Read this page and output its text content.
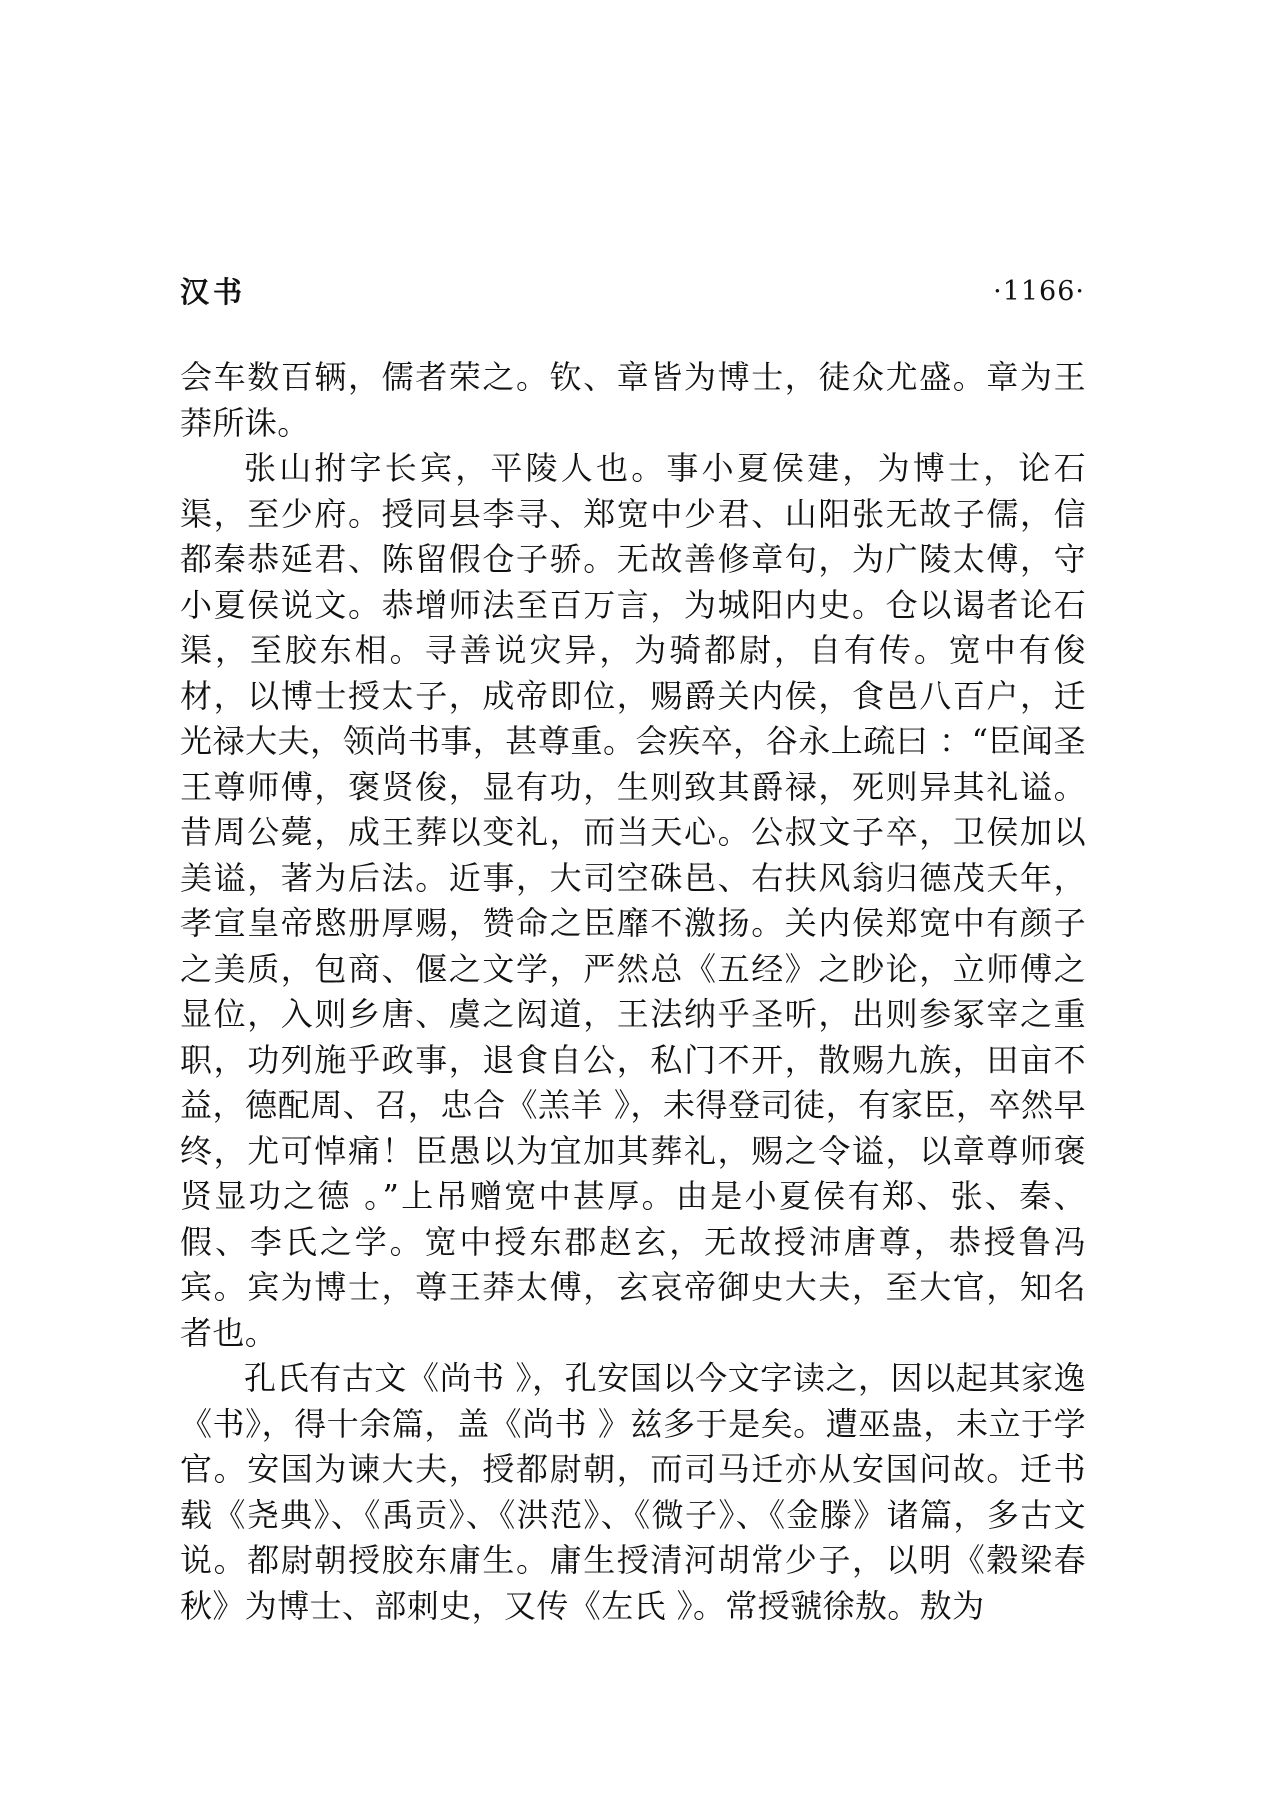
汉书	·1166·

会车数百辆，儒者荣之。钦、章皆为博士，徒众尤盛。章为王莽所诛。

张山拊字长宾，平陵人也。事小夏侯建，为博士，论石渠，至少府。授同县李寻、郑宽中少君、山阳张无故子儒，信都秦恭延君、陈留假仓子骄。无故善修章句，为广陵太傅，守小夏侯说文。恭增师法至百万言，为城阳内史。仓以谒者论石渠，至胶东相。寻善说灾异，为骑都尉，自有传。宽中有俊材，以博士授太子，成帝即位，赐爵关内侯，食邑八百户，迁光禄大夫，领尚书事，甚尊重。会疾卒，谷永上疏曰 ：“臣闻圣王尊师傅，褒贤俊，显有功，生则致其爵禄，死则异其礼谥。昔周公薨，成王葬以变礼，而当天心。公叔文子卒，卫侯加以美谥，著为后法。近事，大司空硃邑、右扶风翁归德茂夭年，孝宣皇帝愍册厚赐，赞命之臣靡不激扬。关内侯郑宽中有颜子之美质，包商、偃之文学，严然总《五经》之眇论，立师傅之显位，入则乡唐、虞之闳道，王法纳乎圣听，出则参冢宰之重职，功列施乎政事，退食自公，私门不开，散赐九族，田亩不益，德配周、召，忠合《羔羊 》，未得登司徒，有家臣，卒然早终，尤可悼痛！臣愚以为宜加其葬礼，赐之令谥，以章尊师褒贤显功之德 。”上吊赠宽中甚厚。由是小夏侯有郑、张、秦、假、李氏之学。宽中授东郡赵玄，无故授沛唐尊，恭授鲁冯宾。宾为博士，尊王莽太傅，玄哀帝御史大夫，至大官，知名者也。

孔氏有古文《尚书 》，孔安国以今文字读之，因以起其家逸《书》，得十余篇，盖《尚书 》兹多于是矣。遭巫蛊，未立于学官。安国为谏大夫，授都尉朝，而司马迁亦从安国问故。迁书载《尧典》、《禹贡》、《洪范》、《微子》、《金滕》诸篇，多古文说。都尉朝授胶东庸生。庸生授清河胡常少子，以明《穀梁春秋》为博士、部刺史，又传《左氏 》。常授虢徐敖。敖为
